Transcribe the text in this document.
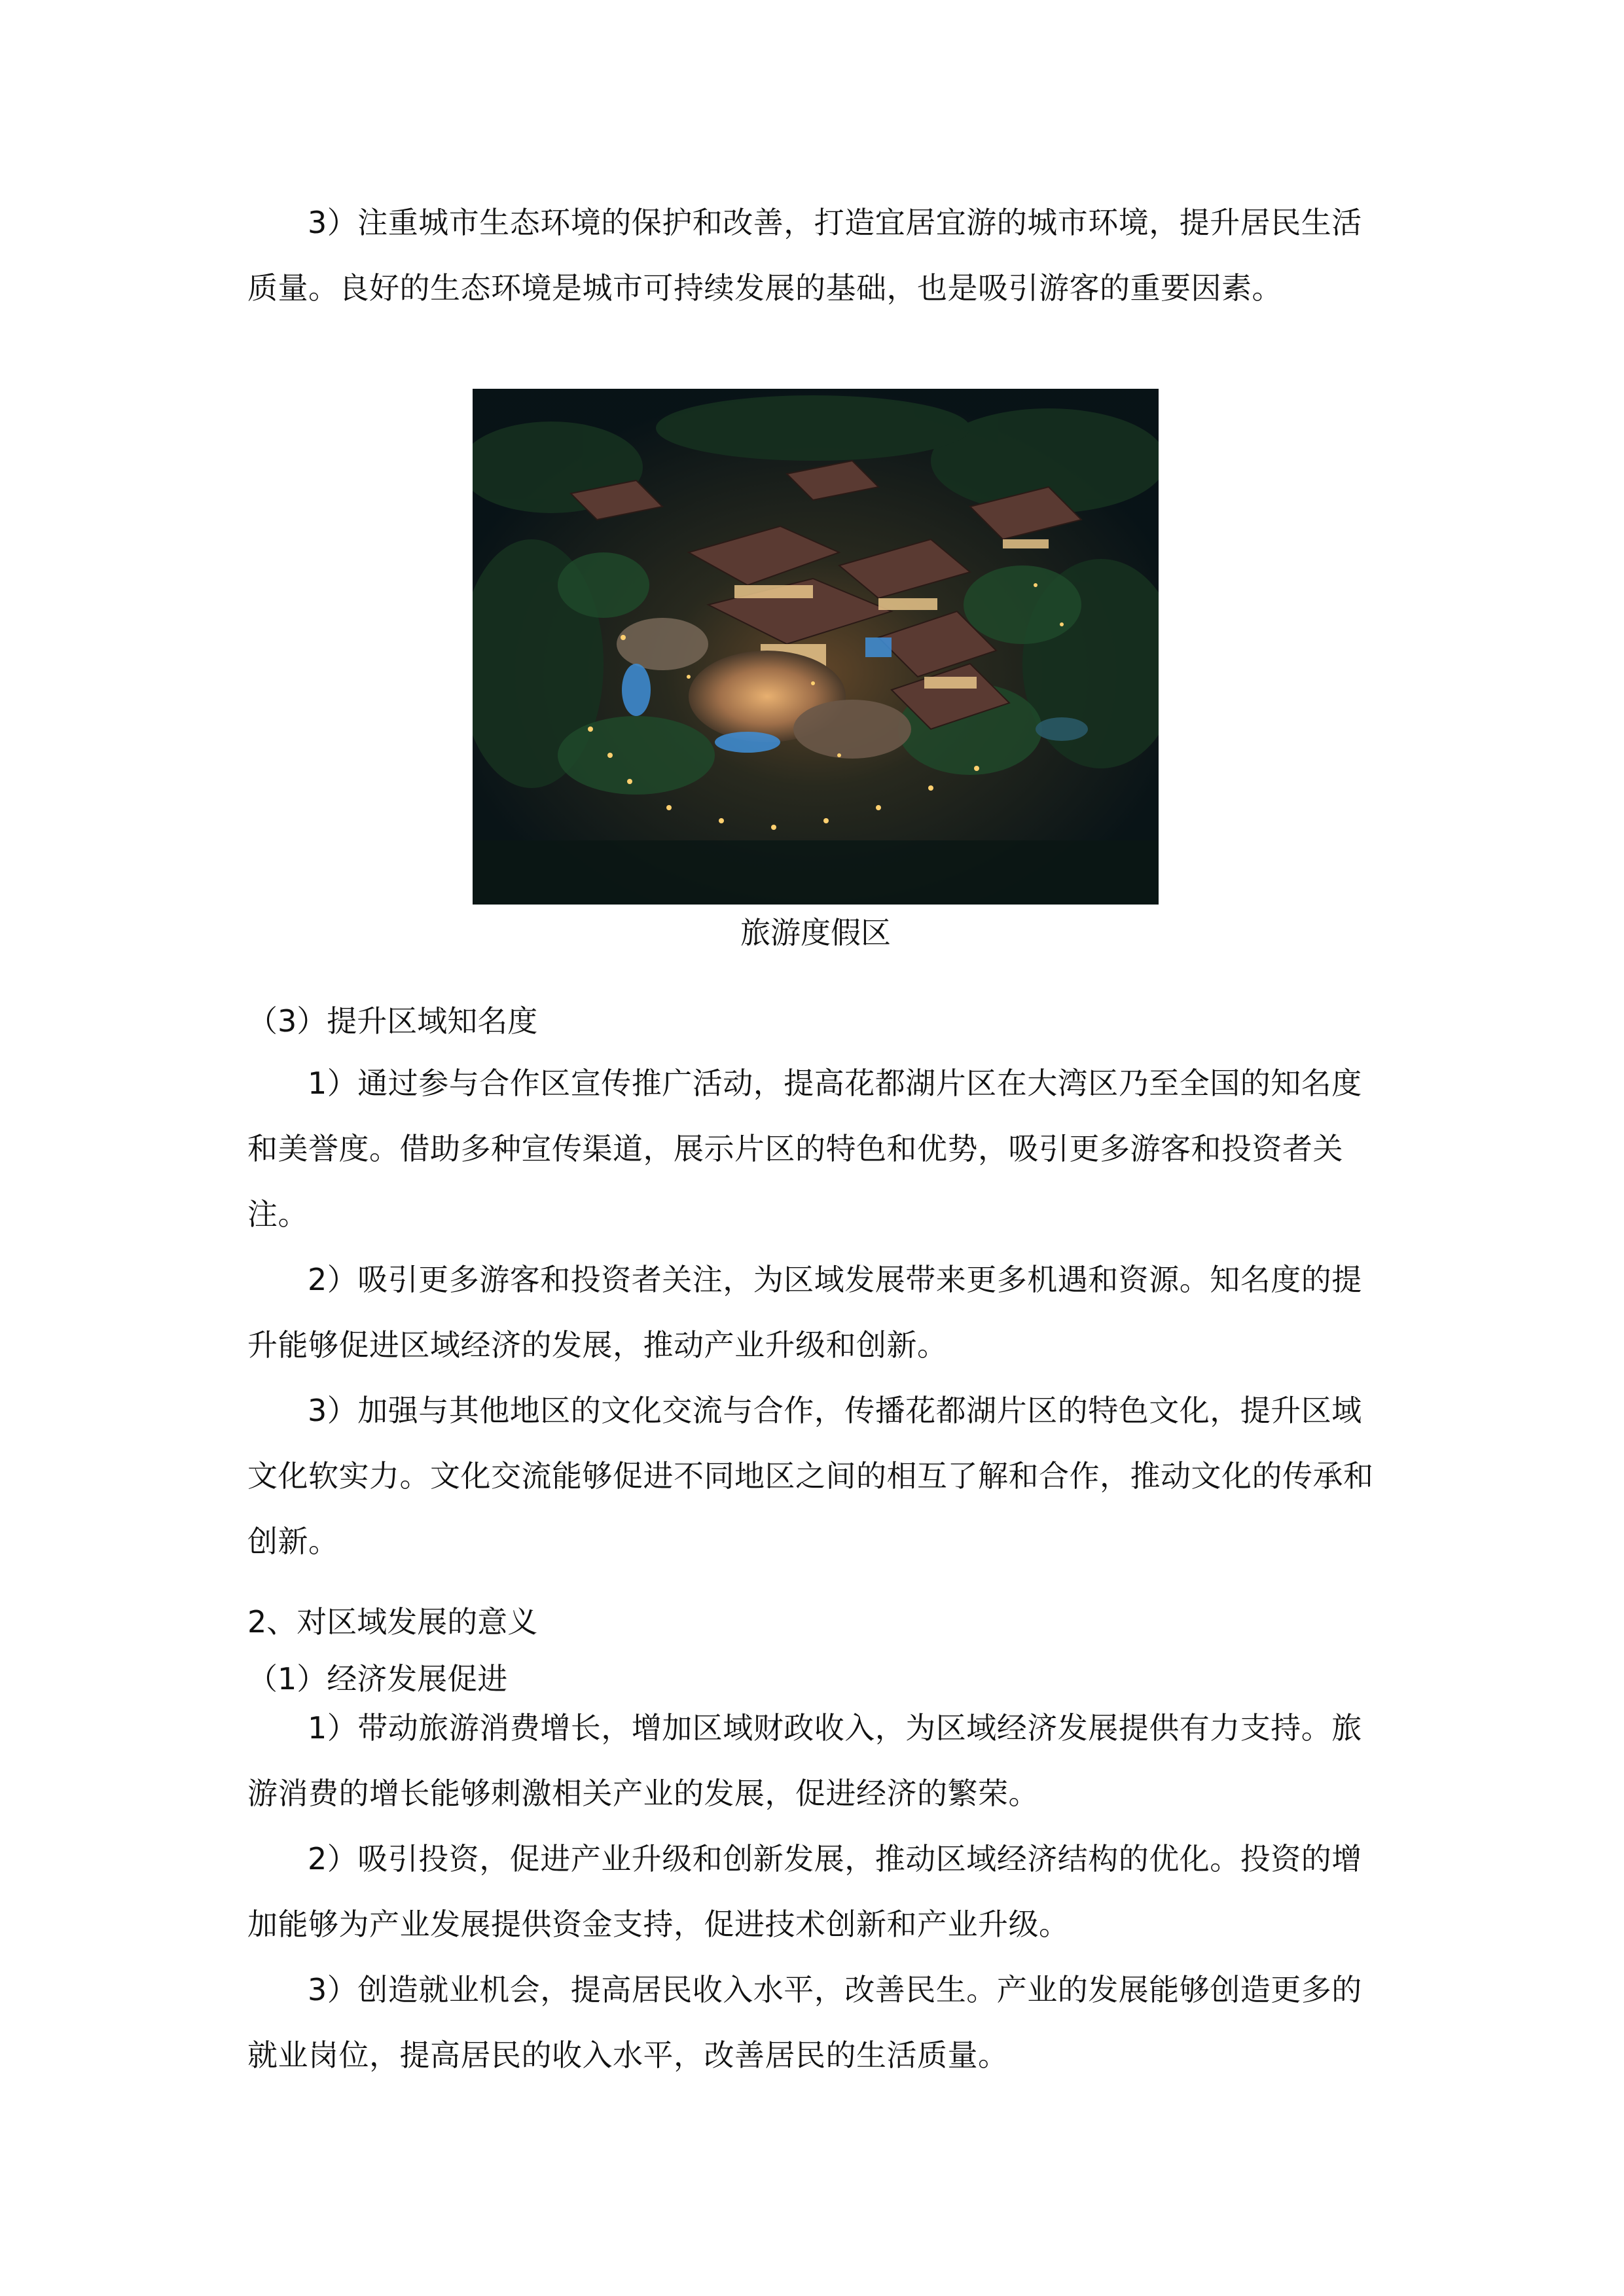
3）注重城市生态环境的保护和改善，打造宜居宜游的城市环境，提升居民生活质量。良好的生态环境是城市可持续发展的基础，也是吸引游客的重要因素。

旅游度假区

（3）提升区域知名度

1）通过参与合作区宣传推广活动，提高花都湖片区在大湾区乃至全国的知名度和美誉度。借助多种宣传渠道，展示片区的特色和优势，吸引更多游客和投资者关注。

2）吸引更多游客和投资者关注，为区域发展带来更多机遇和资源。知名度的提升能够促进区域经济的发展，推动产业升级和创新。

3）加强与其他地区的文化交流与合作，传播花都湖片区的特色文化，提升区域文化软实力。文化交流能够促进不同地区之间的相互了解和合作，推动文化的传承和创新。

2、对区域发展的意义

（1）经济发展促进

1）带动旅游消费增长，增加区域财政收入，为区域经济发展提供有力支持。旅游消费的增长能够刺激相关产业的发展，促进经济的繁荣。

2）吸引投资，促进产业升级和创新发展，推动区域经济结构的优化。投资的增加能够为产业发展提供资金支持，促进技术创新和产业升级。

3）创造就业机会，提高居民收入水平，改善民生。产业的发展能够创造更多的就业岗位，提高居民的收入水平，改善居民的生活质量。
